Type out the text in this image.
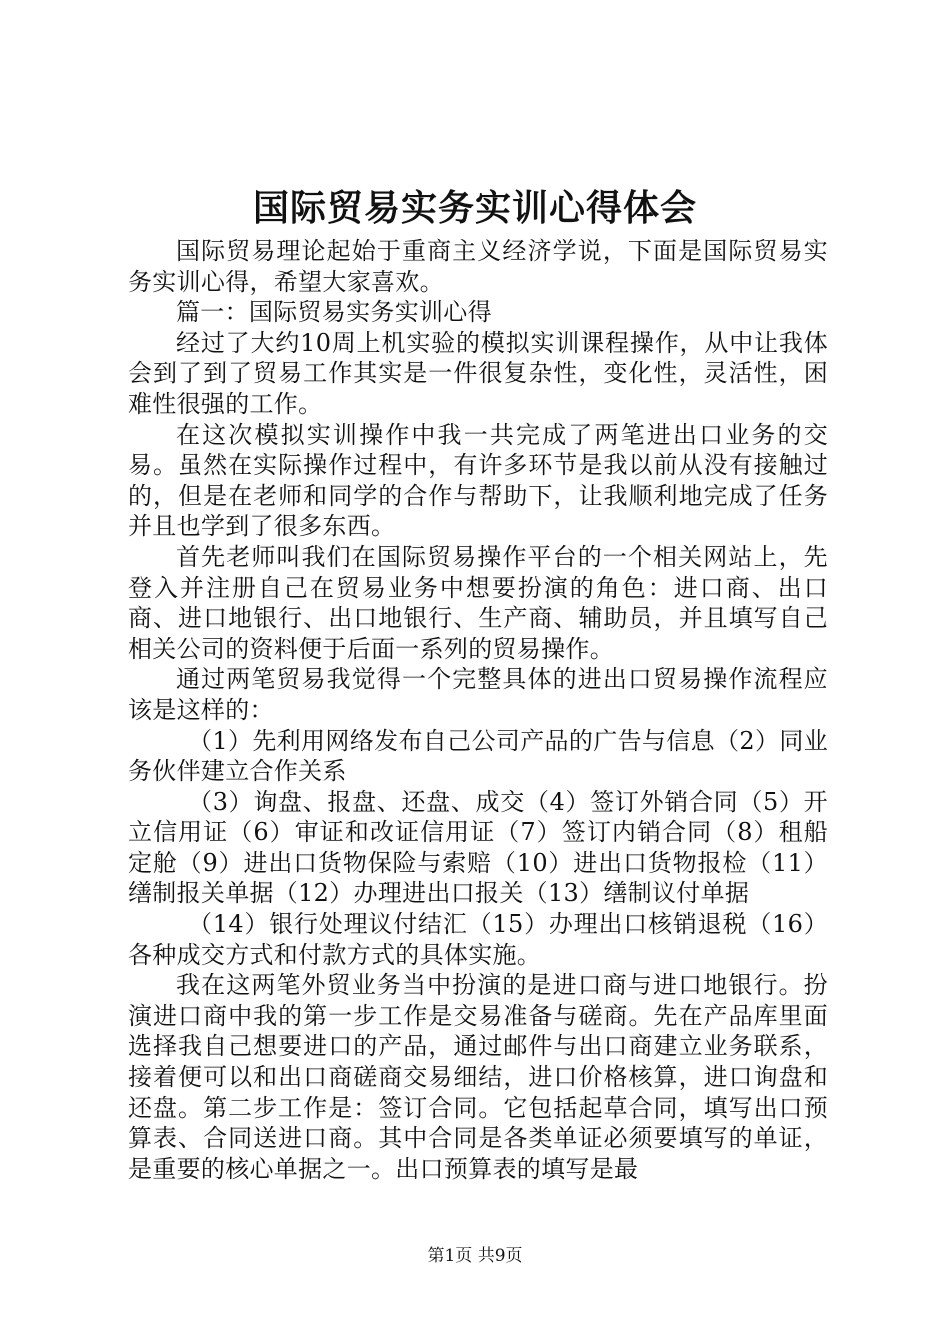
国际贸易实务实训心得体会

国际贸易理论起始于重商主义经济学说，下面是国际贸易实务实训心得，希望大家喜欢。

篇一：国际贸易实务实训心得

经过了大约10周上机实验的模拟实训课程操作，从中让我体会到了到了贸易工作其实是一件很复杂性，变化性，灵活性，困难性很强的工作。

在这次模拟实训操作中我一共完成了两笔进出口业务的交易。虽然在实际操作过程中，有许多环节是我以前从没有接触过的，但是在老师和同学的合作与帮助下，让我顺利地完成了任务并且也学到了很多东西。

首先老师叫我们在国际贸易操作平台的一个相关网站上，先登入并注册自己在贸易业务中想要扮演的角色：进口商、出口商、进口地银行、出口地银行、生产商、辅助员，并且填写自己相关公司的资料便于后面一系列的贸易操作。

通过两笔贸易我觉得一个完整具体的进出口贸易操作流程应该是这样的：

（1）先利用网络发布自己公司产品的广告与信息（2）同业务伙伴建立合作关系

（3）询盘、报盘、还盘、成交（4）签订外销合同（5）开立信用证（6）审证和改证信用证（7）签订内销合同（8）租船定舱（9）进出口货物保险与索赔（10）进出口货物报检（11）缮制报关单据（12）办理进出口报关（13）缮制议付单据

（14）银行处理议付结汇（15）办理出口核销退税（16）各种成交方式和付款方式的具体实施。

我在这两笔外贸业务当中扮演的是进口商与进口地银行。扮演进口商中我的第一步工作是交易准备与磋商。先在产品库里面选择我自己想要进口的产品，通过邮件与出口商建立业务联系，接着便可以和出口商磋商交易细结，进口价格核算，进口询盘和还盘。第二步工作是：签订合同。它包括起草合同，填写出口预算表、合同送进口商。其中合同是各类单证必须要填写的单证，是重要的核心单据之一。出口预算表的填写是最

第1页 共9页
